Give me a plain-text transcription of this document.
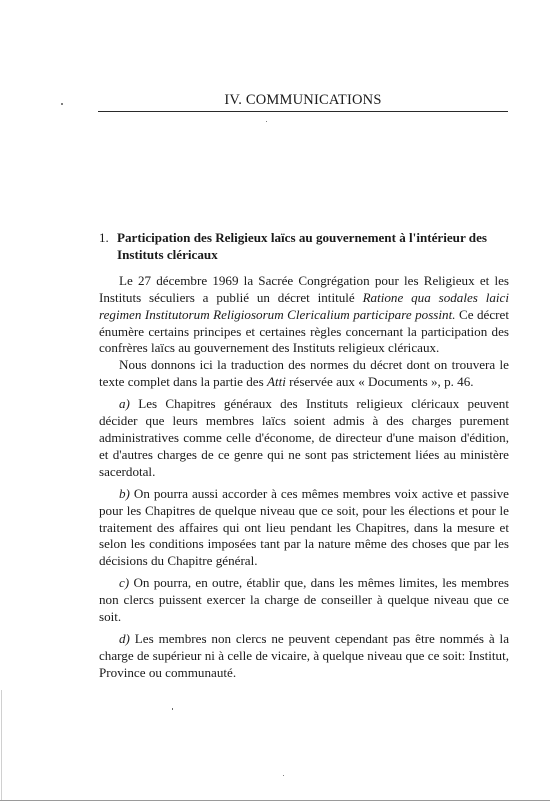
IV. COMMUNICATIONS
1. Participation des Religieux laïcs au gouvernement à l'intérieur des Instituts cléricaux

Le 27 décembre 1969 la Sacrée Congrégation pour les Religieux et les Instituts séculiers a publié un décret intitulé Ratione qua sodales laici regimen Institutorum Religiosorum Clericalium participare possint. Ce décret énumère certains principes et certaines règles concernant la participation des confrères laïcs au gouvernement des Instituts religieux cléricaux.

Nous donnons ici la traduction des normes du décret dont on trouvera le texte complet dans la partie des Atti réservée aux « Documents », p. 46.

a) Les Chapitres généraux des Instituts religieux cléricaux peuvent décider que leurs membres laïcs soient admis à des charges purement administratives comme celle d'économe, de directeur d'une maison d'édition, et d'autres charges de ce genre qui ne sont pas strictement liées au ministère sacerdotal.

b) On pourra aussi accorder à ces mêmes membres voix active et passive pour les Chapitres de quelque niveau que ce soit, pour les élections et pour le traitement des affaires qui ont lieu pendant les Chapitres, dans la mesure et selon les conditions imposées tant par la nature même des choses que par les décisions du Chapitre général.

c) On pourra, en outre, établir que, dans les mêmes limites, les membres non clercs puissent exercer la charge de conseiller à quelque niveau que ce soit.

d) Les membres non clercs ne peuvent cependant pas être nommés à la charge de supérieur ni à celle de vicaire, à quelque niveau que ce soit: Institut, Province ou communauté.
